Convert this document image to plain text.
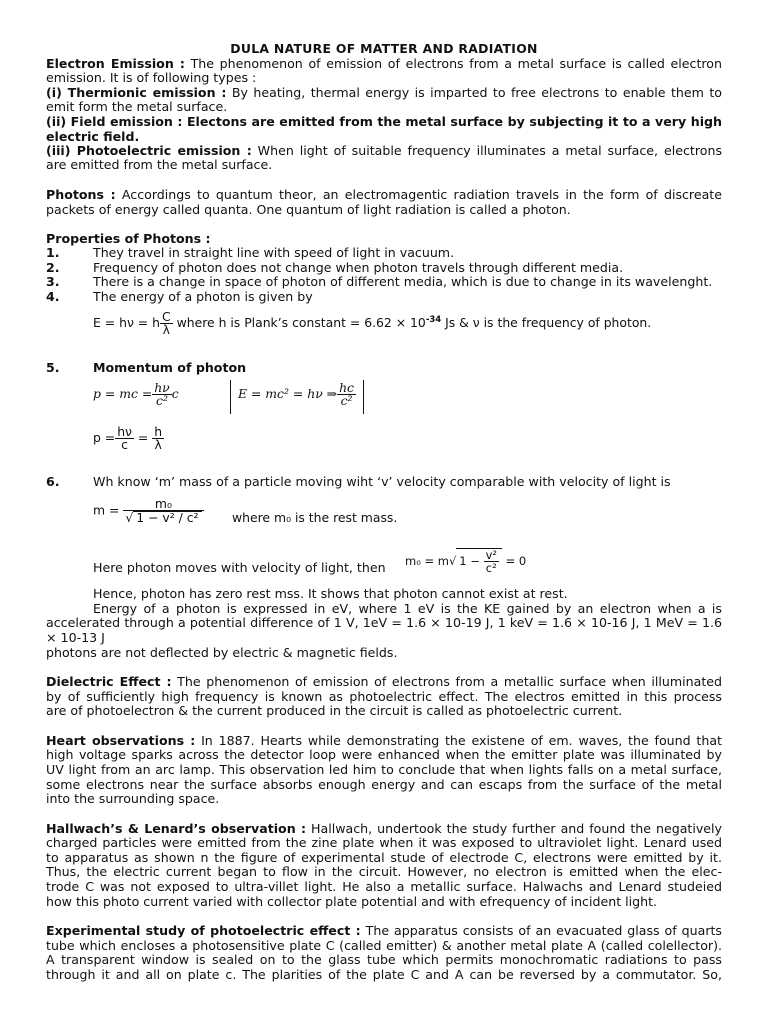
DULA NATURE OF MATTER AND RADIATION
Electron Emission : The phenomenon of emission of electrons from a metal surface is called electron
emission. It is of following types :
(i) Thermionic emission : By heating, thermal energy is imparted to free electrons to enable them to
emit form the metal surface.
(ii) Field emission : Electons are emitted from the metal surface by subjecting it to a very high
electric field.
(iii) Photoelectric emission : When light of suitable frequency illuminates a metal surface, electrons
are emitted from the metal surface.
Photons : Accordings to quantum theor, an electromagentic radiation travels in the form of discreate
packets of energy called quanta. One quantum of light radiation is called a photon.
Properties of Photons :
1.	They travel in straight line with speed of light in vacuum.
2.	Frequency of photon does not change when photon travels through different media.
3.	There is a change in space of photon of different media, which is due to change in its wavelenght.
4.	The energy of a photon is given by
E = hν = h $\frac{C}{\lambda}$ where h is Plank’s constant = $6.62 \times 10^{-34}$ Js & ν is the frequency of photon.
5.	Momentum of photon
p = mc = $\frac{h\nu}{\text{c²}}$ c	E = mc² = hν ⇒ $\frac{hc}{\text{c²}}$
$p = \frac{h\nu}{c} = \frac{h}{\lambda}$
6.	Wh know ‘m’ mass of a particle moving wiht ‘v’ velocity comparable with velocity of light is
$m = \frac{\text{m₀}}{\text{√ 1 − v² / c²}}$ where m₀ is the rest mass.
Here photon moves with velocity of light, then m₀ = m√ $1 - \frac{\text{v²}}{\text{c²}} = 0$
Hence, photon has zero rest mss. It shows that photon cannot exist at rest.
Energy of a photon is expressed in eV, where 1 eV is the KE gained by an electron when a is
accelerated through a potential difference of 1 V, 1eV = 1.6 × 10-19 J, 1 keV = 1.6 × 10-16 J, 1 MeV = 1.6
× 10-13 J
photons are not deflected by electric & magnetic fields.
Dielectric Effect : The phenomenon of emission of electrons from a metallic surface when illuminated
by of sufficiently high frequency is known as photoelectric effect. The electros emitted in this process
are of photoelectron & the current produced in the circuit is called as photoelectric current.
Heart observations : In 1887. Hearts while demonstrating the existene of em. waves, the found that
high voltage sparks across the detector loop were enhanced when the emitter plate was illuminated by
UV light from an arc lamp. This observation led him to conclude that when lights falls on a metal surface,
some electrons near the surface absorbs enough energy and can escaps from the surface of the metal
into the surrounding space.
Hallwach’s & Lenard’s observation : Hallwach, undertook the study further and found the negatively
charged particles were emitted from the zine plate when it was exposed to ultraviolet light. Lenard used
to apparatus as shown n the figure of experimental stude of electrode C, electrons were emitted by it.
Thus, the electric current began to flow in the circuit. However, no electron is emitted when the elec-
trode C was not exposed to ultra-villet light. He also a metallic surface. Halwachs and Lenard studeied
how this photo current varied with collector plate potential and with efrequency of incident light.
Experimental study of photoelectric effect : The apparatus consists of an evacuated glass of quarts
tube which encloses a photosensitive plate C (called emitter) & another metal plate A (called colellector).
A transparent window is sealed on to the glass tube which permits monochromatic radiations to pass
through it and all on plate c. The plarities of the plate C and A can be reversed by a commutator. So,
